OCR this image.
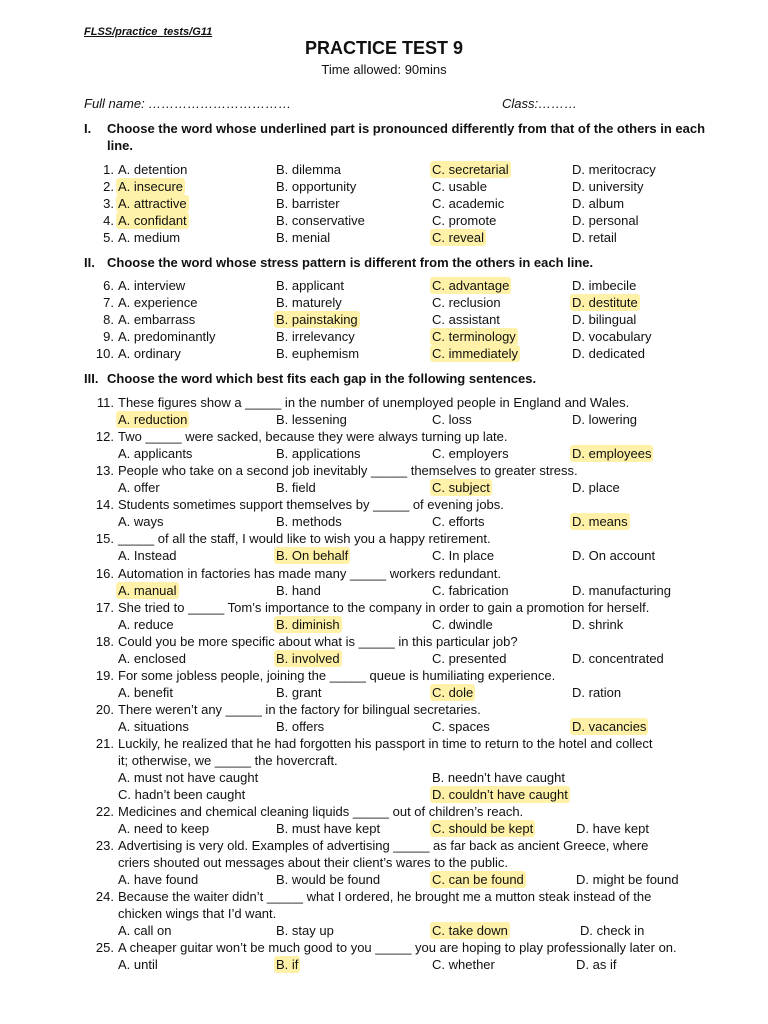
FLSS/practice_tests/G11
PRACTICE TEST 9
Time allowed: 90mins
Full name: ……………………………	Class:………
I. Choose the word whose underlined part is pronounced differently from that of the others in each line.
1. A. detention	B. dilemma	C. secretarial	D. meritocracy
2. A. insecure	B. opportunity	C. usable	D. university
3. A. attractive	B. barrister	C. academic	D. album
4. A. confidant	B. conservative	C. promote	D. personal
5. A. medium	B. menial	C. reveal	D. retail
II. Choose the word whose stress pattern is different from the others in each line.
6. A. interview	B. applicant	C. advantage	D. imbecile
7. A. experience	B. maturely	C. reclusion	D. destitute
8. A. embarrass	B. painstaking	C. assistant	D. bilingual
9. A. predominantly	B. irrelevancy	C. terminology	D. vocabulary
10. A. ordinary	B. euphemism	C. immediately	D. dedicated
III. Choose the word which best fits each gap in the following sentences.
11. These figures show a _____ in the number of unemployed people in England and Wales.
A. reduction	B. lessening	C. loss	D. lowering
12. Two _____ were sacked, because they were always turning up late.
A. applicants	B. applications	C. employers	D. employees
13. People who take on a second job inevitably _____ themselves to greater stress.
A. offer	B. field	C. subject	D. place
14. Students sometimes support themselves by _____ of evening jobs.
A. ways	B. methods	C. efforts	D. means
15. _____ of all the staff, I would like to wish you a happy retirement.
A. Instead	B. On behalf	C. In place	D. On account
16. Automation in factories has made many _____ workers redundant.
A. manual	B. hand	C. fabrication	D. manufacturing
17. She tried to _____ Tom’s importance to the company in order to gain a promotion for herself.
A. reduce	B. diminish	C. dwindle	D. shrink
18. Could you be more specific about what is _____ in this particular job?
A. enclosed	B. involved	C. presented	D. concentrated
19. For some jobless people, joining the _____ queue is humiliating experience.
A. benefit	B. grant	C. dole	D. ration
20. There weren’t any _____ in the factory for bilingual secretaries.
A. situations	B. offers	C. spaces	D. vacancies
21. Luckily, he realized that he had forgotten his passport in time to return to the hotel and collect
it; otherwise, we _____ the hovercraft.
A. must not have caught	B. needn’t have caught
C. hadn’t been caught	D. couldn’t have caught
22. Medicines and chemical cleaning liquids _____ out of children’s reach.
A. need to keep	B. must have kept	C. should be kept	D. have kept
23. Advertising is very old. Examples of advertising _____ as far back as ancient Greece, where
criers shouted out messages about their client’s wares to the public.
A. have found	B. would be found	C. can be found	D. might be found
24. Because the waiter didn’t _____ what I ordered, he brought me a mutton steak instead of the
chicken wings that I’d want.
A. call on	B. stay up	C. take down	D. check in
25. A cheaper guitar won’t be much good to you _____ you are hoping to play professionally later on.
A. until	B. if	C. whether	D. as if
